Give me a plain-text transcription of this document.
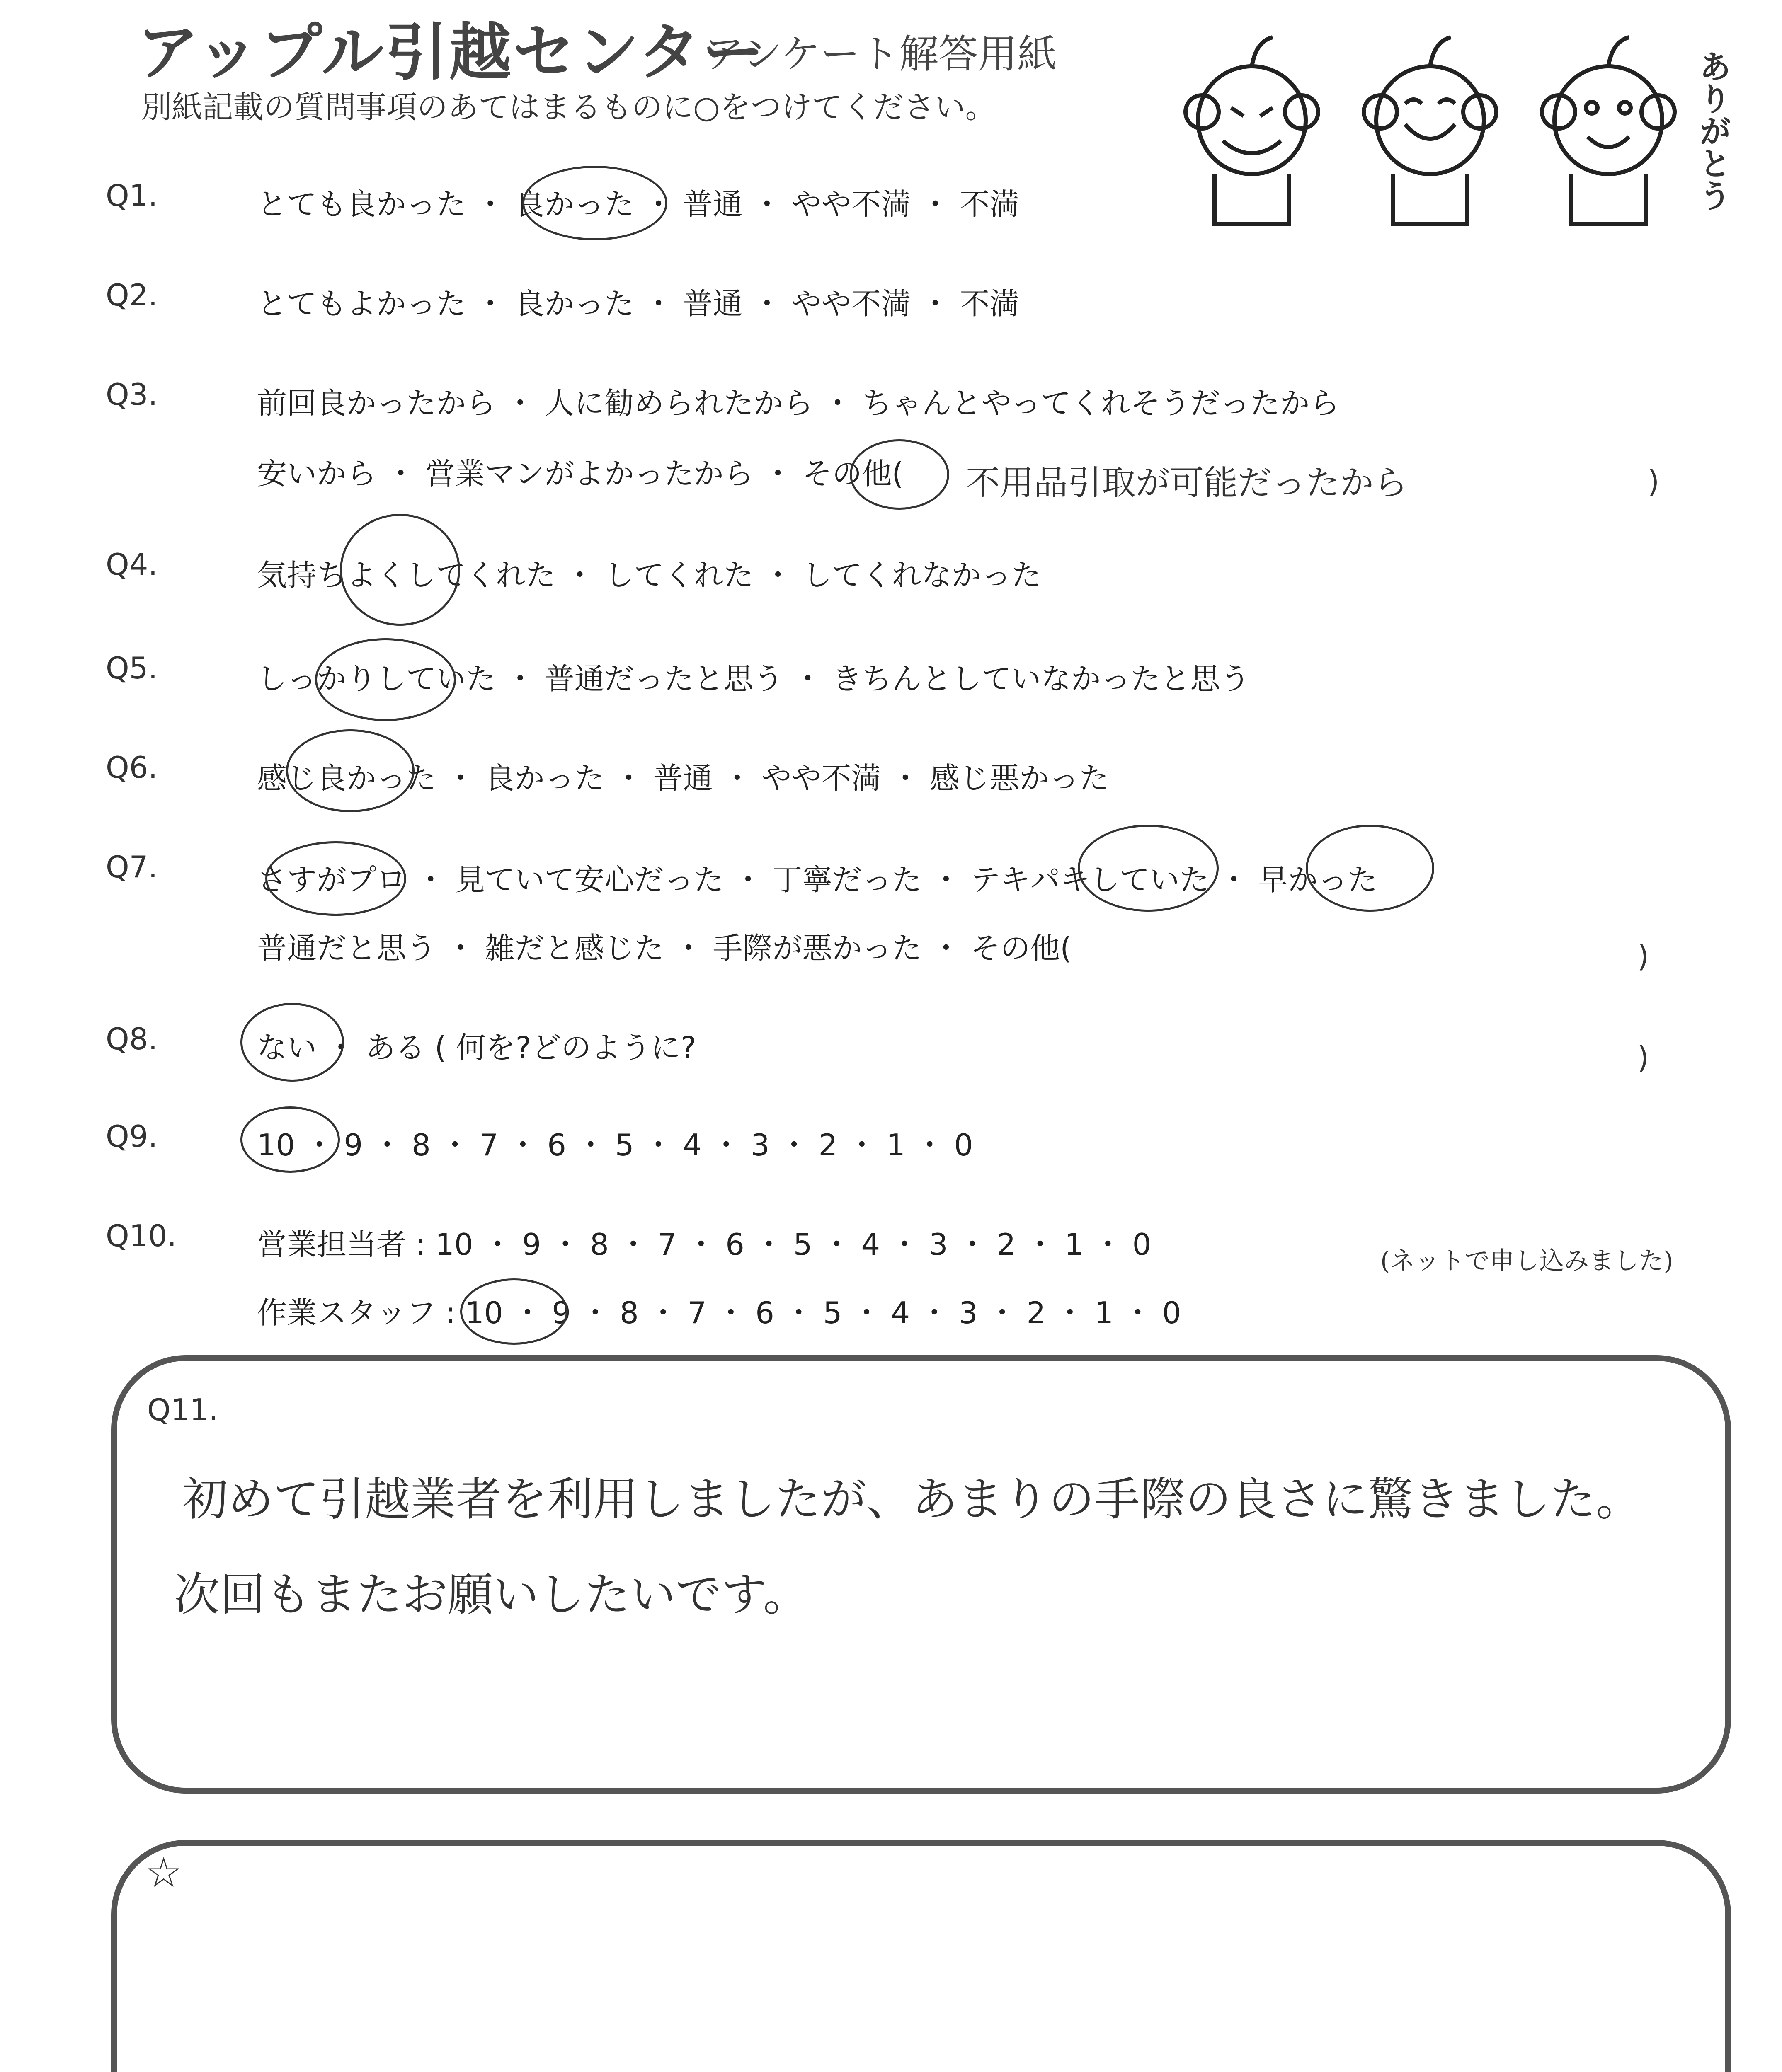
アップル引越センター
アンケート解答用紙
別紙記載の質問事項のあてはまるものに○をつけてください。	ありがとう
Q1.	とても良かった ・ 良かった ・ 普通 ・ やや不満 ・ 不満
Q2.	とてもよかった ・ 良かった ・ 普通 ・ やや不満 ・ 不満
Q3.	前回良かったから ・ 人に勧められたから ・ ちゃんとやってくれそうだったから
安いから ・ 営業マンがよかったから ・ その他( 不用品引取が可能だったから	)
Q4.	気持ちよくしてくれた ・ してくれた ・ してくれなかった
Q5.	しっかりしていた ・ 普通だったと思う ・ きちんとしていなかったと思う
Q6.	感じ良かった ・ 良かった ・ 普通 ・ やや不満 ・ 感じ悪かった
Q7.	さすがプロ ・ 見ていて安心だった ・ 丁寧だった ・ テキパキしていた ・ 早かった
普通だと思う ・ 雑だと感じた ・ 手際が悪かった ・ その他(	)
Q8.	ない ・ ある ( 何を?どのように?	)
Q9.	10 ・ 9 ・ 8 ・ 7 ・ 6 ・ 5 ・ 4 ・ 3 ・ 2 ・ 1 ・ 0
Q10.	営業担当者 : 10 ・ 9 ・ 8 ・ 7 ・ 6 ・ 5 ・ 4 ・ 3 ・ 2 ・ 1 ・ 0
作業スタッフ : 10 ・ 9 ・ 8 ・ 7 ・ 6 ・ 5 ・ 4 ・ 3 ・ 2 ・ 1 ・ 0
(ネットで申し込みました)
Q11.
初めて引越業者を利用しましたが、あまりの手際の良さに驚きました。
次回もまたお願いしたいです。
☆
